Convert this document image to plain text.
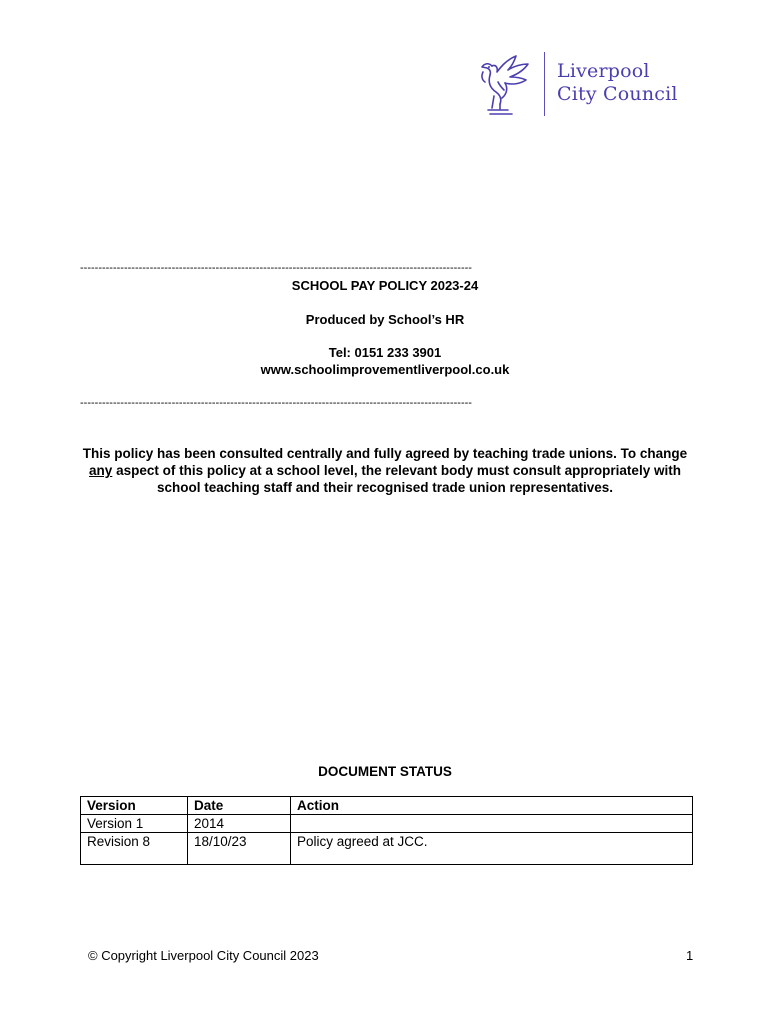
Liverpool
City Council
-----------------------------------------------------------------------------------------------------------
SCHOOL PAY POLICY 2023-24
Produced by School’s HR
Tel: 0151 233 3901
www.schoolimprovementliverpool.co.uk
-----------------------------------------------------------------------------------------------------------
This policy has been consulted centrally and fully agreed by teaching trade unions. To change any aspect of this policy at a school level, the relevant body must consult appropriately with school teaching staff and their recognised trade union representatives.
DOCUMENT STATUS
Version	Date	Action
Version 1	2014	
Revision 8	18/10/23	Policy agreed at JCC.
© Copyright Liverpool City Council 2023	1
